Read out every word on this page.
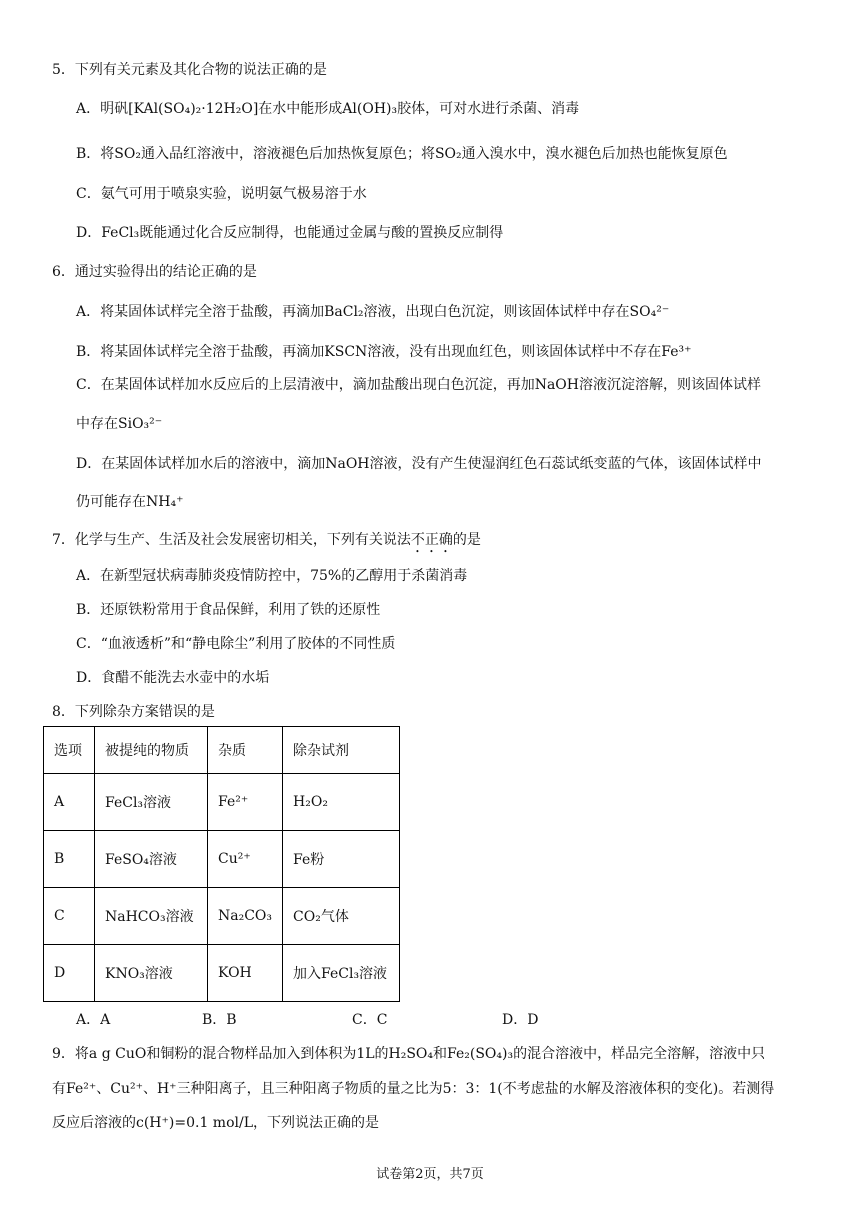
5．下列有关元素及其化合物的说法正确的是
A．明矾[KAl(SO₄)₂·12H₂O]在水中能形成Al(OH)₃胶体，可对水进行杀菌、消毒
B．将SO₂通入品红溶液中，溶液褪色后加热恢复原色；将SO₂通入溴水中，溴水褪色后加热也能恢复原色
C．氨气可用于喷泉实验，说明氨气极易溶于水
D．FeCl₃既能通过化合反应制得，也能通过金属与酸的置换反应制得
6．通过实验得出的结论正确的是
A．将某固体试样完全溶于盐酸，再滴加BaCl₂溶液，出现白色沉淀，则该固体试样中存在SO₄²⁻
B．将某固体试样完全溶于盐酸，再滴加KSCN溶液，没有出现血红色，则该固体试样中不存在Fe³⁺
C．在某固体试样加水反应后的上层清液中，滴加盐酸出现白色沉淀，再加NaOH溶液沉淀溶解，则该固体试样
中存在SiO₃²⁻
D．在某固体试样加水后的溶液中，滴加NaOH溶液，没有产生使湿润红色石蕊试纸变蓝的气体，该固体试样中
仍可能存在NH₄⁺
7．化学与生产、生活及社会发展密切相关，下列有关说法不正确的是
A．在新型冠状病毒肺炎疫情防控中，75%的乙醇用于杀菌消毒
B．还原铁粉常用于食品保鲜，利用了铁的还原性
C．“血液透析”和“静电除尘”利用了胶体的不同性质
D．食醋不能洗去水壶中的水垢
8．下列除杂方案错误的是
选项	被提纯的物质	杂质	除杂试剂
A	FeCl₃溶液	Fe²⁺	H₂O₂
B	FeSO₄溶液	Cu²⁺	Fe粉
C	NaHCO₃溶液	Na₂CO₃	CO₂气体
D	KNO₃溶液	KOH	加入FeCl₃溶液
A．A	B．B	C．C	D．D
9．将a g CuO和铜粉的混合物样品加入到体积为1L的H₂SO₄和Fe₂(SO₄)₃的混合溶液中，样品完全溶解，溶液中只
有Fe²⁺、Cu²⁺、H⁺三种阳离子，且三种阳离子物质的量之比为5：3：1(不考虑盐的水解及溶液体积的变化)。若测得
反应后溶液的c(H⁺)=0.1 mol/L，下列说法正确的是
试卷第2页，共7页
